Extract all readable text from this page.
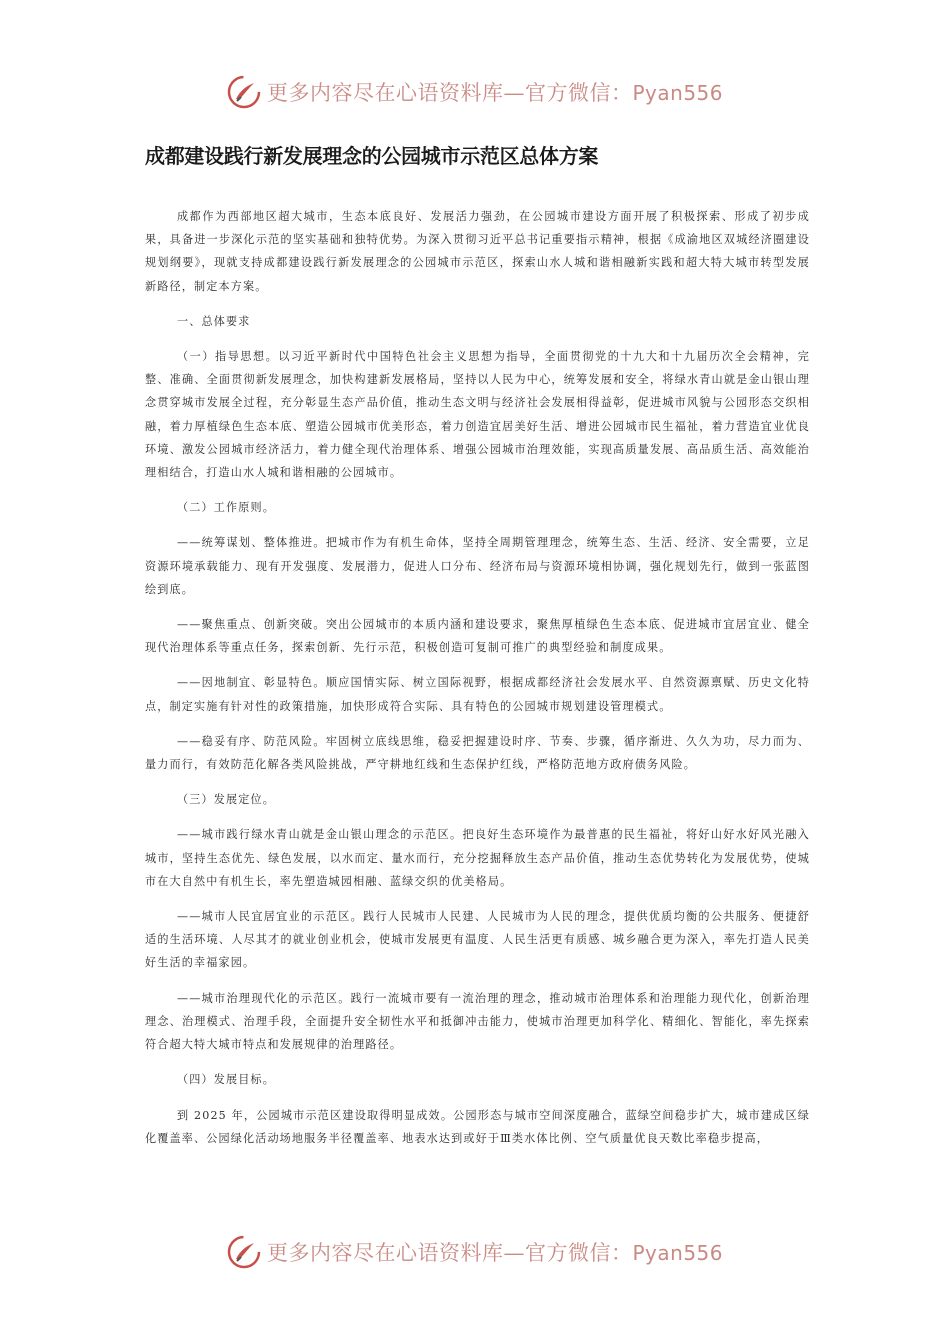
更多内容尽在心语资料库—官方微信：Pyan556
成都建设践行新发展理念的公园城市示范区总体方案

成都作为西部地区超大城市，生态本底良好、发展活力强劲，在公园城市建设方面开展了积极探索、形成了初步成果，具备进一步深化示范的坚实基础和独特优势。为深入贯彻习近平总书记重要指示精神，根据《成渝地区双城经济圈建设规划纲要》，现就支持成都建设践行新发展理念的公园城市示范区，探索山水人城和谐相融新实践和超大特大城市转型发展新路径，制定本方案。

一、总体要求

（一）指导思想。以习近平新时代中国特色社会主义思想为指导，全面贯彻党的十九大和十九届历次全会精神，完整、准确、全面贯彻新发展理念，加快构建新发展格局，坚持以人民为中心，统筹发展和安全，将绿水青山就是金山银山理念贯穿城市发展全过程，充分彰显生态产品价值，推动生态文明与经济社会发展相得益彰，促进城市风貌与公园形态交织相融，着力厚植绿色生态本底、塑造公园城市优美形态，着力创造宜居美好生活、增进公园城市民生福祉，着力营造宜业优良环境、激发公园城市经济活力，着力健全现代治理体系、增强公园城市治理效能，实现高质量发展、高品质生活、高效能治理相结合，打造山水人城和谐相融的公园城市。

（二）工作原则。

——统筹谋划、整体推进。把城市作为有机生命体，坚持全周期管理理念，统筹生态、生活、经济、安全需要，立足资源环境承载能力、现有开发强度、发展潜力，促进人口分布、经济布局与资源环境相协调，强化规划先行，做到一张蓝图绘到底。

——聚焦重点、创新突破。突出公园城市的本质内涵和建设要求，聚焦厚植绿色生态本底、促进城市宜居宜业、健全现代治理体系等重点任务，探索创新、先行示范，积极创造可复制可推广的典型经验和制度成果。

——因地制宜、彰显特色。顺应国情实际、树立国际视野，根据成都经济社会发展水平、自然资源禀赋、历史文化特点，制定实施有针对性的政策措施，加快形成符合实际、具有特色的公园城市规划建设管理模式。

——稳妥有序、防范风险。牢固树立底线思维，稳妥把握建设时序、节奏、步骤，循序渐进、久久为功，尽力而为、量力而行，有效防范化解各类风险挑战，严守耕地红线和生态保护红线，严格防范地方政府债务风险。

（三）发展定位。

——城市践行绿水青山就是金山银山理念的示范区。把良好生态环境作为最普惠的民生福祉，将好山好水好风光融入城市，坚持生态优先、绿色发展，以水而定、量水而行，充分挖掘释放生态产品价值，推动生态优势转化为发展优势，使城市在大自然中有机生长，率先塑造城园相融、蓝绿交织的优美格局。

——城市人民宜居宜业的示范区。践行人民城市人民建、人民城市为人民的理念，提供优质均衡的公共服务、便捷舒适的生活环境、人尽其才的就业创业机会，使城市发展更有温度、人民生活更有质感、城乡融合更为深入，率先打造人民美好生活的幸福家园。

——城市治理现代化的示范区。践行一流城市要有一流治理的理念，推动城市治理体系和治理能力现代化，创新治理理念、治理模式、治理手段，全面提升安全韧性水平和抵御冲击能力，使城市治理更加科学化、精细化、智能化，率先探索符合超大特大城市特点和发展规律的治理路径。

（四）发展目标。

到 2025 年，公园城市示范区建设取得明显成效。公园形态与城市空间深度融合，蓝绿空间稳步扩大，城市建成区绿化覆盖率、公园绿化活动场地服务半径覆盖率、地表水达到或好于Ⅲ类水体比例、空气质量优良天数比率稳步提高，

更多内容尽在心语资料库—官方微信：Pyan556
